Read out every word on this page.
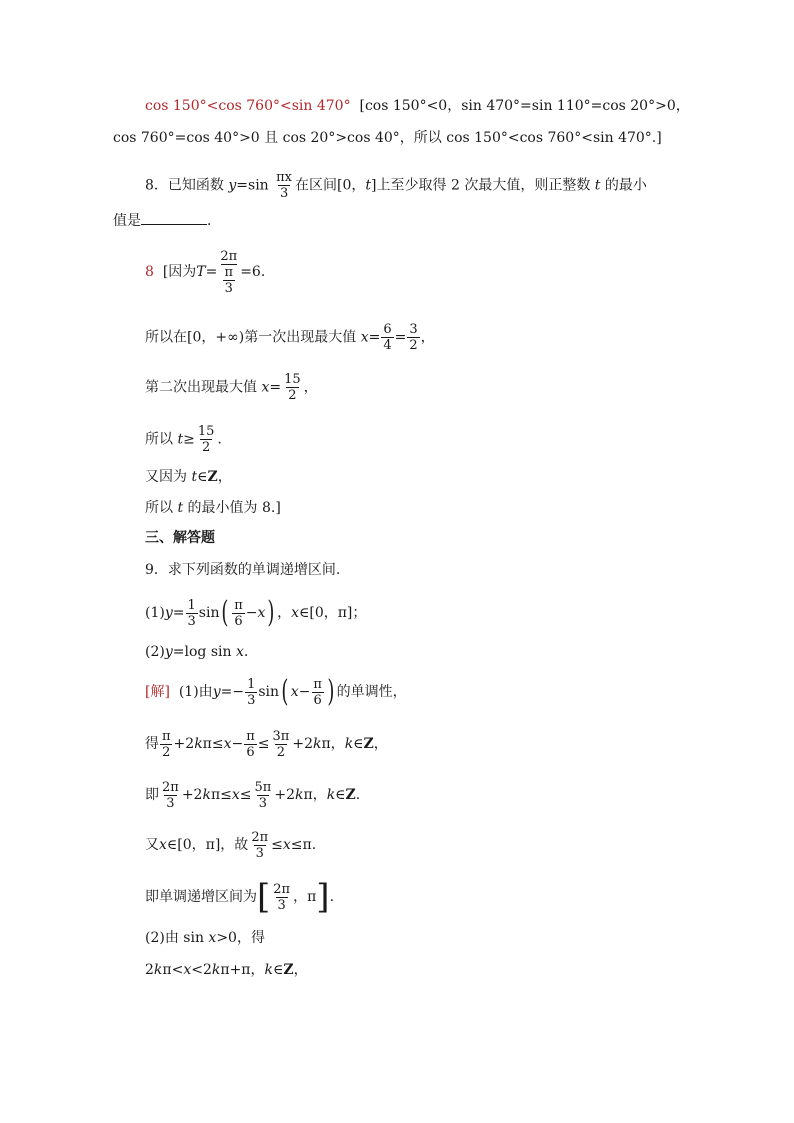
cos 150°<cos 760°<sin 470° [cos 150°<0，sin 470°=sin 110°=cos 20°>0，
cos 760°=cos 40°>0 且 cos 20°>cos 40°，所以 cos 150°<cos 760°<sin 470°.]
8．已知函数 $y=\sin \frac{\pi x}{3}$ 在区间[0，t]上至少取得 2 次最大值，则正整数 t 的最小
值是	．
8
[因为 T = 2π
π
3 =6.
所以在[0，+∞)第一次出现最大值 $x= \frac{6}{4} = \frac{3}{2}$ ，
第二次出现最大值 $x= \frac{15}{2}$ ，
所以 $t\ge \frac{15}{2}$ .
又因为 t∈Z，
所以 t 的最小值为 8.]
三、解答题
9．求下列函数的单调递增区间.
(1) $y = \frac{1}{3}$ sin ( π
6 − x ) ， x ∈[0，π]；
(2)y=log sin x.
[解]
(1)由 $y =- \frac{1}{3}$ sin ( $x - \frac{\pi}{6}$ ) 的单调性，
得 π
2 +2 k $\pi\le x - \frac{\pi}{6} \le \frac{3\pi}{2} +2$ k π， k ∈ Z ，
即 2π
3 +2 k $\pi\le x \le \frac{5\pi}{3} +2$ k π， k ∈ Z .
又 x ∈[0，π]，故 $\frac{2\pi}{3} \le x \le\pi$.
即单调递增区间为 [ 2π
3 ，π ] .
(2)由 sin x>0，得
2kπ<x<2kπ+π，k∈Z，
